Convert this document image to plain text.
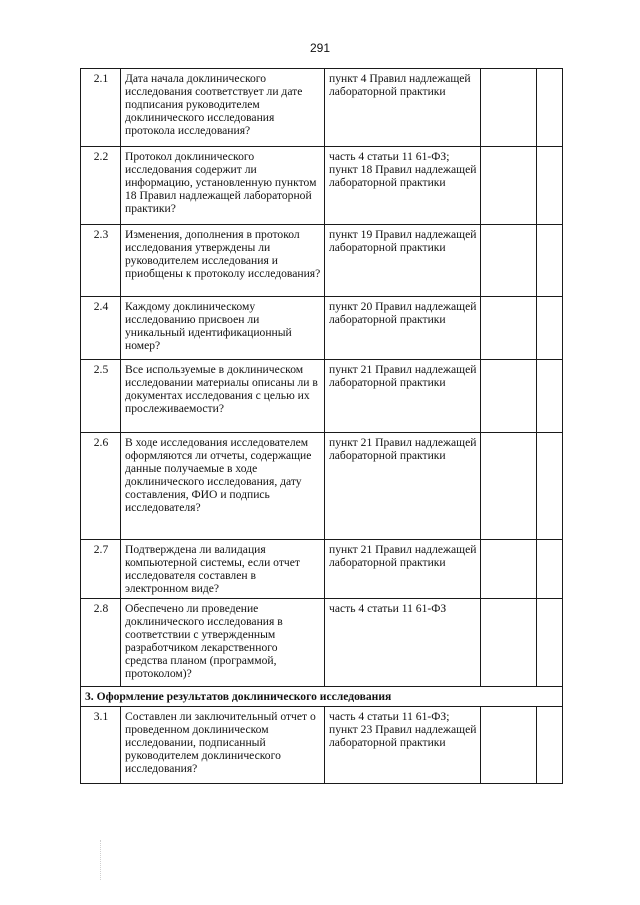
291
2.1	Дата начала доклинического исследования соответствует ли дате подписания руководителем доклинического исследования протокола исследования?	пункт 4 Правил надлежащей лабораторной практики		
2.2	Протокол доклинического исследования содержит ли информацию, установленную пунктом 18 Правил надлежащей лабораторной практики?	часть 4 статьи 11 61-ФЗ; пункт 18 Правил надлежащей лабораторной практики		
2.3	Изменения, дополнения в протокол исследования утверждены ли руководителем исследования и приобщены к протоколу исследования?	пункт 19 Правил надлежащей лабораторной практики		
2.4	Каждому доклиническому исследованию присвоен ли уникальный идентификационный номер?	пункт 20 Правил надлежащей лабораторной практики		
2.5	Все используемые в доклиническом исследовании материалы описаны ли в документах исследования с целью их прослеживаемости?	пункт 21 Правил надлежащей лабораторной практики		
2.6	В ходе исследования исследователем оформляются ли отчеты, содержащие данные получаемые в ходе доклинического исследования, дату составления, ФИО и подпись исследователя?	пункт 21 Правил надлежащей лабораторной практики		
2.7	Подтверждена ли валидация компьютерной системы, если отчет исследователя составлен в электронном виде?	пункт 21 Правил надлежащей лабораторной практики		
2.8	Обеспечено ли проведение доклинического исследования в соответствии с утвержденным разработчиком лекарственного средства планом (программой, протоколом)?	часть 4 статьи 11 61-ФЗ		
3. Оформление результатов доклинического исследования				
3.1	Составлен ли заключительный отчет о проведенном доклиническом исследовании, подписанный руководителем доклинического исследования?	часть 4 статьи 11 61-ФЗ; пункт 23 Правил надлежащей лабораторной практики		
